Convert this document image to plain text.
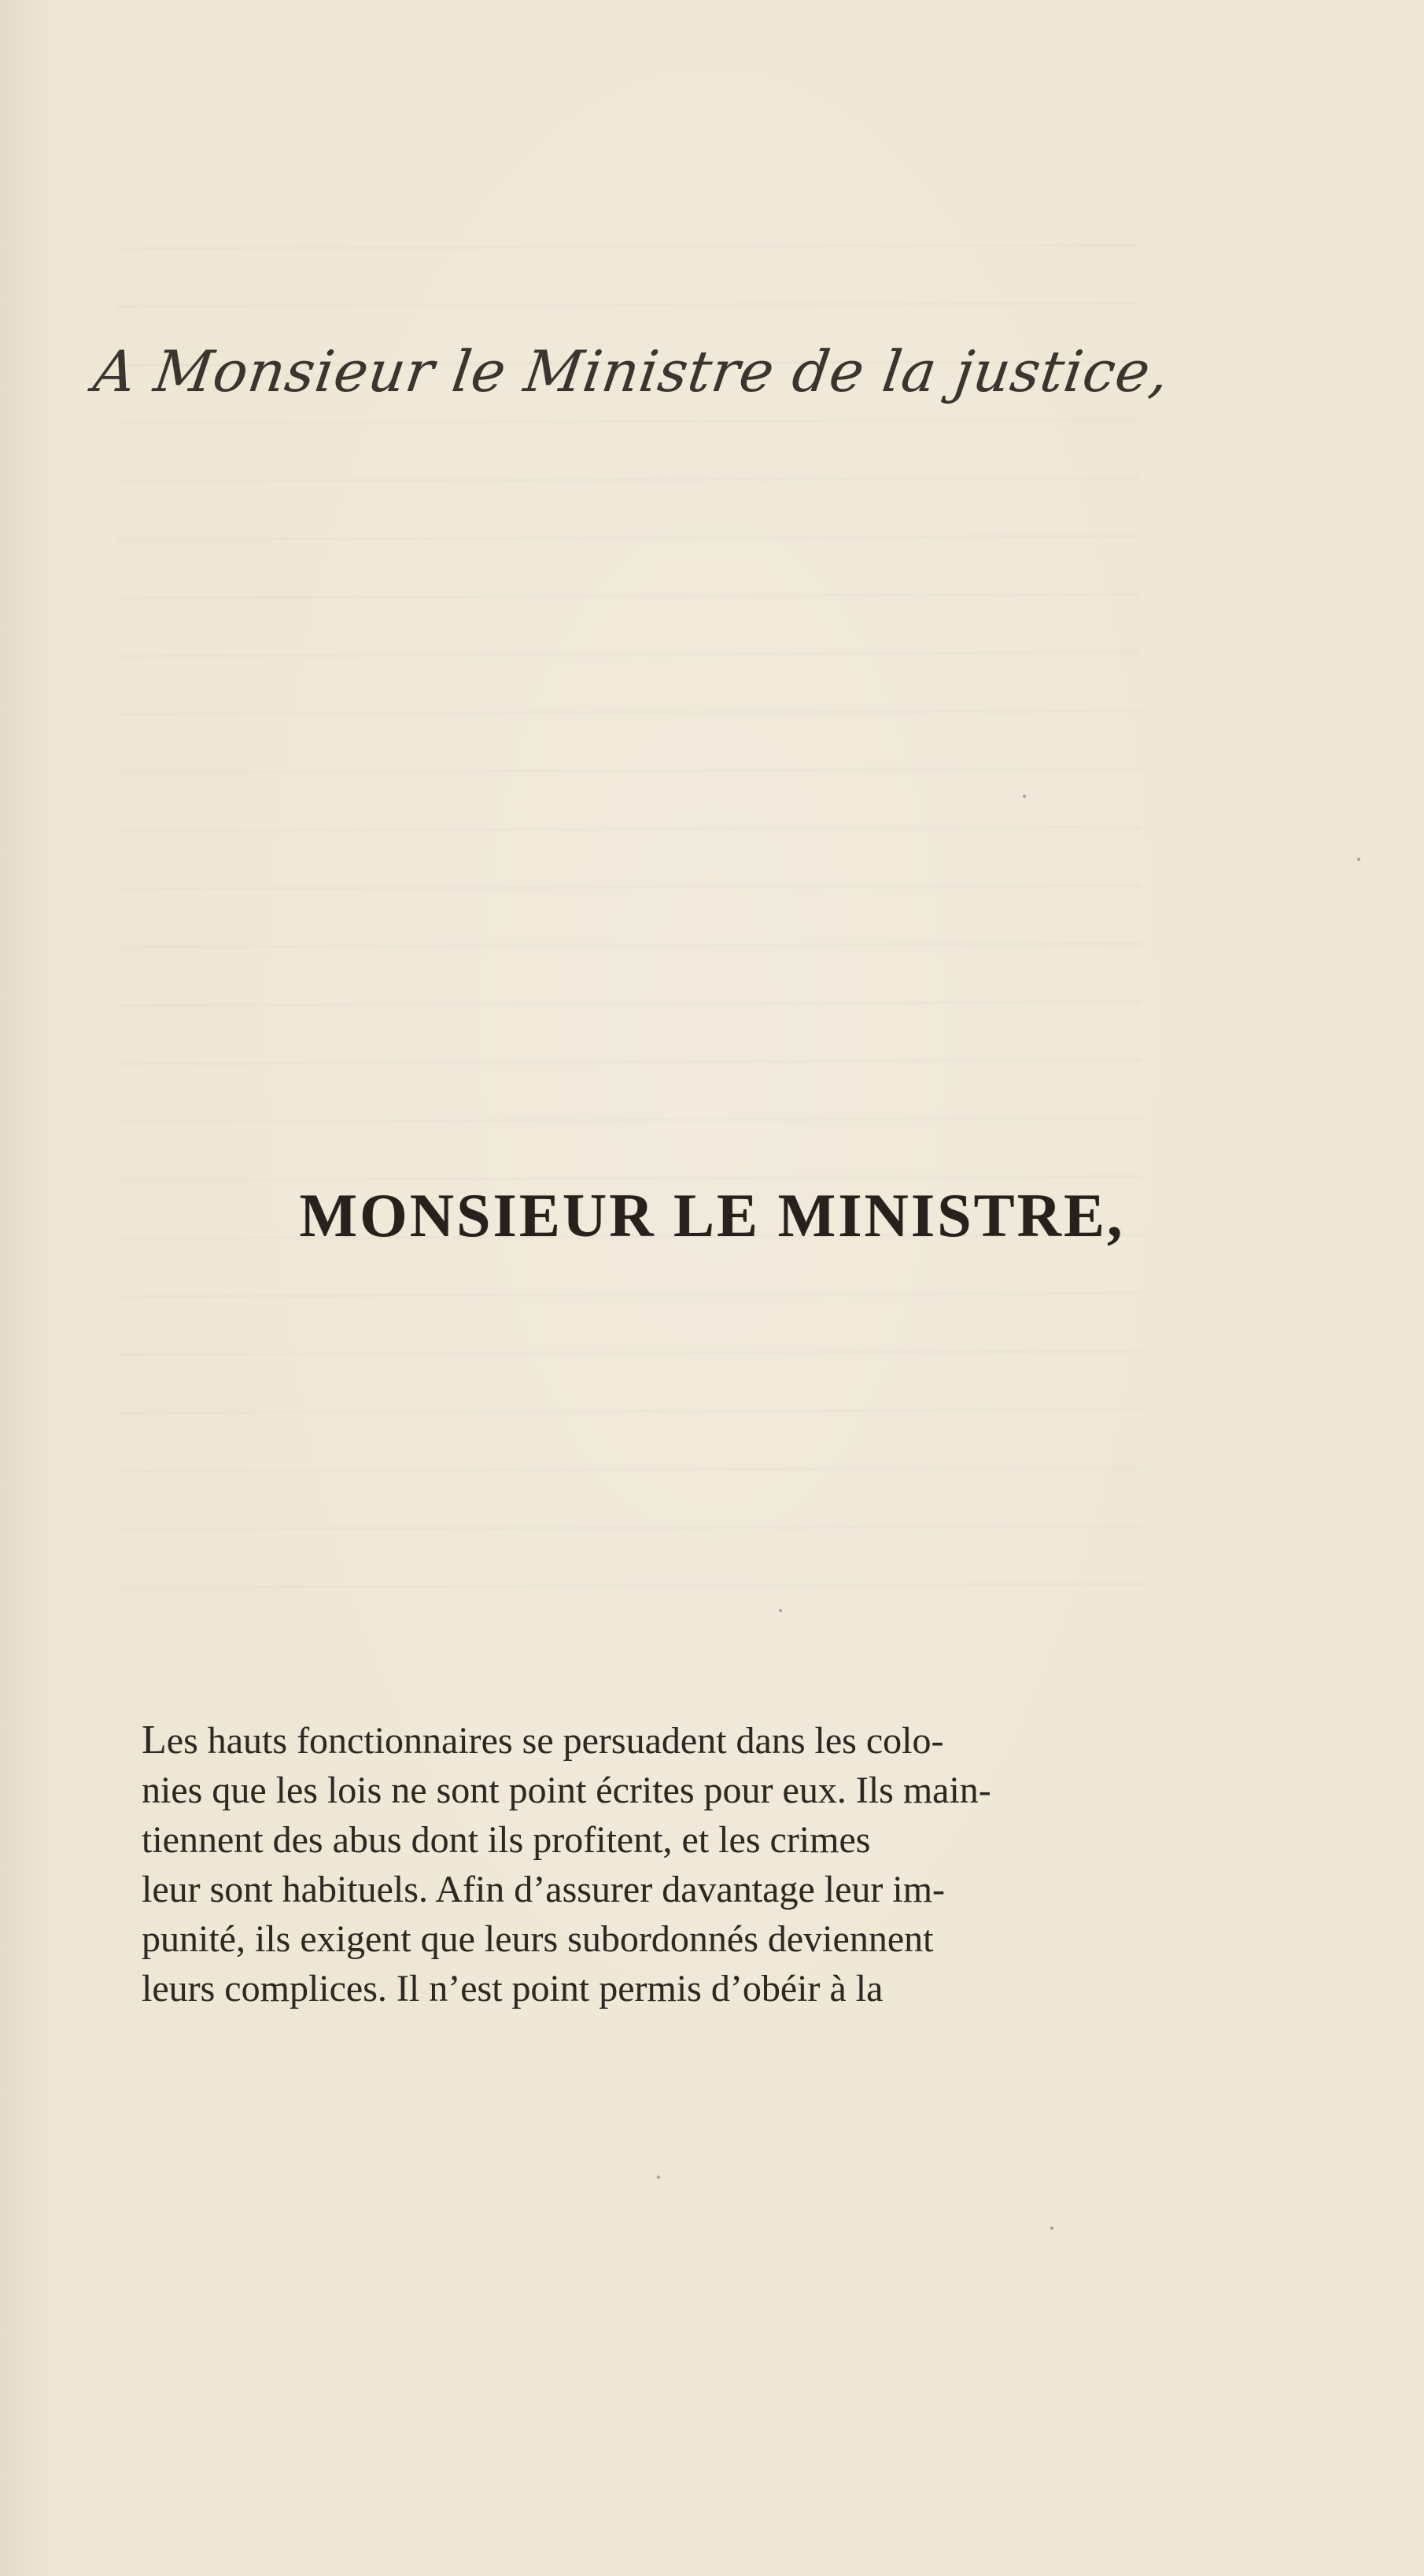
A Monsieur le Ministre de la justice,
MONSIEUR LE MINISTRE,
Les hauts fonctionnaires se persuadent dans les colo-
nies que les lois ne sont point écrites pour eux. Ils main-
tiennent des abus dont ils profitent, et les crimes
leur sont habituels. Afin d’assurer davantage leur im-
punité, ils exigent que leurs subordonnés deviennent
leurs complices. Il n’est point permis d’obéir à la
